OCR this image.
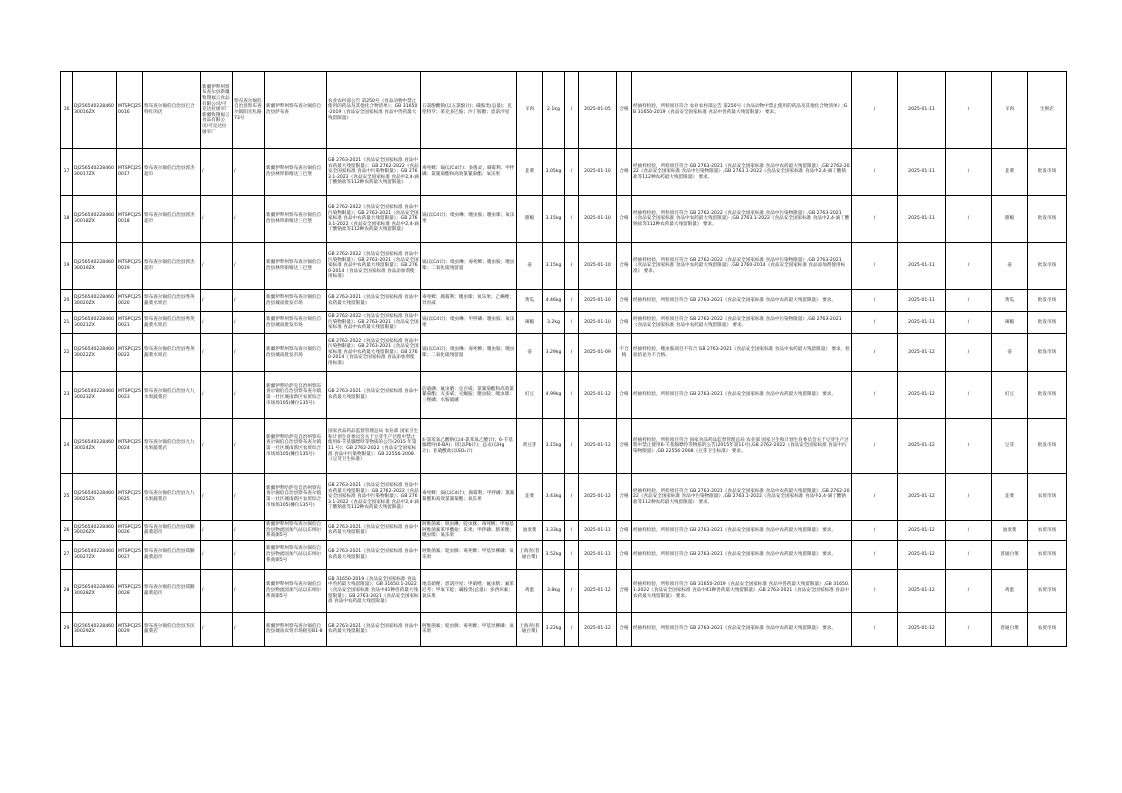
16	DJ25654022846030016ZX	MTSPCJ250016	察布查尔锡伯自治县巴合特红肉店	新疆伊犁州察布查尔县新疆牧翔福云食品有限公司/可克达拉屠宰厂新疆牧翔福云食品有限公司/可克达拉屠宰厂	察布查尔锡伯自治县察布查尔镇阳光札路73号	新疆伊犁州察布查尔锡伯自治县萨布查	农业农村部公告 第250号《食品动物中禁止使用的药品及其他化合物清单》；GB 31650-2019《食品安全国家标准 食品中兽药最大残留限量》	五氯酚酸钠(以五氯酚计)；磺胺类(总量)；克伦特罗；莱克多巴胺；沙丁胺醇；恩诺沙星	羊肉	2.1kg	/	2025-01-05	合格	经抽样检验，所检项目符合 农业农村部公告 第250号《食品动物中禁止使用的药品及其他化合物清单》;GB 31650-2019《食品安全国家标准 食品中兽药最大残留限量》 要求。	/	2025-01-11	/	羊肉	生鲜店
17	DJ25654022846030017ZX	MTSPCJ250017	察布查尔锡伯自治县郭杰超市	/	/	新疆伊犁州察布查尔锡伯自治县林拜街喀达三巴堡	GB 2763-2021《食品安全国家标准 食品中农药最大残留限量》；GB 2762-2022《食品安全国家标准 食品中污染物限量》；GB 2763.1-2022《食品安全国家标准 食品中2,4-滴丁酸钠盐等112种农药最大残留限量》	毒死蜱；镉(以Cd计)；多菌灵；腐霉利；甲拌磷；氯氰菊酯和高效氯氰菊酯；氧乐果	韭菜	3.05kg	/	2025-01-10	合格	经抽样检验，所检项目符合 GB 2763-2021《食品安全国家标准 食品中农药最大残留限量》,GB 2762-2022《食品安全国家标准 食品中污染物限量》,GB 2763.1-2022《食品安全国家标准 食品中2,4-滴丁酸钠盐等112种农药最大残留限量》 要求。	/	2025-01-11	/	韭菜	批发市场
18	DJ25654022846030018ZX	MTSPCJ250018	察布查尔锡伯自治县郭杰超市	/	/	新疆伊犁州察布查尔锡伯自治县林拜街喀达三巴堡	GB 2762-2022《食品安全国家标准 食品中污染物限量》；GB 2763-2021《食品安全国家标准 食品中农药最大残留限量》；GB 2763.1-2022《食品安全国家标准 食品中2,4-滴丁酸钠盐等112种农药最大残留限量》	镉(以Cd计)；吡虫啉；噻虫胺；噻虫嗪；氧乐果	甜椒	3.15kg	/	2025-01-10	合格	经抽样检验，所检项目符合 GB 2762-2022《食品安全国家标准 食品中污染物限量》,GB 2763-2021《食品安全国家标准 食品中农药最大残留限量》,GB 2763.1-2022《食品安全国家标准 食品中2,4-滴丁酸钠盐等112种农药最大残留限量》 要求。	/	2025-01-11	/	甜椒	批发市场
19	DJ25654022846030019ZX	MTSPCJ250019	察布查尔锡伯自治县郭杰超市	/	/	新疆伊犁州察布查尔锡伯自治县林拜街喀达三巴堡	GB 2762-2022《食品安全国家标准 食品中污染物限量》；GB 2763-2021《食品安全国家标准 食品中农药最大残留限量》；GB 2760-2014《食品安全国家标准 食品添加剂使用标准》	镉(以Cd计)；吡虫啉；毒死蜱；噻虫胺；噻虫嗪；二氧化硫残留量	姜	3.15kg	/	2025-01-10	合格	经抽样检验，所检项目符合 GB 2762-2022《食品安全国家标准 食品中污染物限量》,GB 2763-2021《食品安全国家标准 食品中农药最大残留限量》,GB 2760-2014《食品安全国家标准 食品添加剂使用标准》 要求。	/	2025-01-11	/	姜	批发市场
20	DJ25654022846030020ZX	MTSPCJ250020	察布查尔锡伯自治县秀英蔬菜水果店	/	/	新疆伊犁州察布查尔锡伯自治县城南批发市场	GB 2763-2021《食品安全国家标准 食品中农药最大残留限量》	毒死蜱；腐霉利；噻虫嗪；氧乐果；乙螨唑；异丙威	黄瓜	4.46kg	/	2025-01-10	合格	经抽样检验，所检项目符合 GB 2763-2021《食品安全国家标准 食品中农药最大残留限量》 要求。	/	2025-01-11	/	黄瓜	批发市场
21	DJ25654022846030021ZX	MTSPCJ250021	察布查尔锡伯自治县秀英蔬菜水果店	/	/	新疆伊犁州察布查尔锡伯自治县城南批发市场	GB 2762-2022《食品安全国家标准 食品中污染物限量》；GB 2763-2021《食品安全国家标准 食品中农药最大残留限量》	镉(以Cd计)；吡虫啉；甲拌磷；噻虫胺；氧乐果	辣椒	3.2kg	/	2025-01-10	合格	经抽样检验，所检项目符合 GB 2762-2022《食品安全国家标准 食品中污染物限量》,GB 2763-2021《食品安全国家标准 食品中农药最大残留限量》 要求。	/	2025-01-11	/	辣椒	批发市场
22	DJ25654022846030022ZX	MTSPCJ250022	察布查尔锡伯自治县秀英蔬菜水果店	/	/	新疆伊犁州察布查尔锡伯自治县城南批发市场	GB 2762-2022《食品安全国家标准 食品中污染物限量》；GB 2763-2021《食品安全国家标准 食品中农药最大残留限量》；GB 2760-2014《食品安全国家标准 食品添加剂使用标准》	镉(以Cd计)；吡虫啉；毒死蜱；噻虫胺；噻虫嗪；二氧化硫残留量	姜	3.29kg	/	2025-01-09	不合格	经抽样检验，噻虫胺项目不符合 GB 2763-2021《食品安全国家标准 食品中农药最大残留限量》 要求，检验结论为不合格。	/	2025-01-12	/	姜	批发市场
23	DJ25654022846030023ZX	MTSPCJ250023	察布查尔锡伯自治县九九水果蔬菜店	/	/	新疆伊犁哈萨克自治州察布查尔锡伯自治县察布查尔镇第一社区城南新区农贸综合市场场105(摊位135号)	GB 2763-2021《食品安全国家标准 食品中农药最大残留限量》	倍硫磷；氟虫腈；克百威；氯氰菊酯和高效氯氰菊酯；灭多威；灭蝇胺；噻虫胺；噻虫嗪；三唑磷；水胺硫磷	豇豆	4.99kg	/	2025-01-12	合格	经抽样检验，所检项目符合 GB 2763-2021《食品安全国家标准 食品中农药最大残留限量》 要求。	/	2025-01-12	/	豇豆	批发市场
24	DJ25654022846030024ZX	MTSPCJ250024	察布查尔锡伯自治县九九水果蔬菜店	/	/	新疆伊犁哈萨克自治州察布查尔锡伯自治县察布查尔镇第一社区城南新区农贸综合市场场105(摊位135号)	国家食品药品监督管理总局 农业部 国家卫生和计划生育委员会关于豆芽生产过程中禁止使用6-苄基腺嘌呤等物质的公告(2015 年第 11 号)；GB 2762-2022《食品安全国家标准 食品中污染物限量》；GB 22556-2008《豆芽卫生标准》	4-氯苯氧乙酸钠(以4-氯苯氧乙酸计)；6-苄基腺嘌呤(6-BA)；铅(以Pb计)；总汞(以Hg计)；亚硫酸盐(以SO₂计)	黄豆芽	3.15kg	/	2025-01-12	合格	经抽样检验，所检项目符合 国家食品药品监督管理总局 农业部 国家卫生和计划生育委员会关于豆芽生产过程中禁止使用6-苄基腺嘌呤等物质的公告(2015年第11号),GB 2762-2022《食品安全国家标准 食品中污染物限量》,GB 22556-2008《豆芽卫生标准》 要求。	/	2025-01-12	/	豆芽	批发市场
25	DJ25654022846030025ZX	MTSPCJ250025	察布查尔锡伯自治县九九水果蔬菜店	/	/	新疆伊犁哈萨克自治州察布查尔锡伯自治县察布查尔镇第一社区城南新区农贸综合市场场105(摊位135号)	GB 2763-2021《食品安全国家标准 食品中农药最大残留限量》；GB 2762-2022《食品安全国家标准 食品中污染物限量》；GB 2763.1-2022《食品安全国家标准 食品中2,4-滴丁酸钠盐等112种农药最大残留限量》	毒死蜱；镉(以Cd计)；腐霉利；甲拌磷；氯氰菊酯和高效氯氰菊酯；氧乐果	韭菜	3.43kg	/	2025-01-12	合格	经抽样检验，所检项目符合 GB 2763-2021《食品安全国家标准 食品中农药最大残留限量》,GB 2762-2022《食品安全国家标准 食品中污染物限量》,GB 2763.1-2022《食品安全国家标准 食品中2,4-滴丁酸钠盐等112种农药最大残留限量》 要求。	/	2025-01-12	/	韭菜	农贸市场
26	DJ25654022846030026ZX	MTSPCJ250026	察布查尔锡伯自治县郑勤蔬菜超市	/	/	新疆伊犁州察布查尔锡伯自治县物流园加气站以东纳尔系商街5号	GB 2763-2021《食品安全国家标准 食品中农药最大残留限量》	阿维菌素；吡虫啉；啶虫脒；毒死蜱；甲氨基阿维菌素苯甲酸盐；乐果；甲拌磷；腈苯唑；噻虫嗪；氧乐果	油麦菜	3.33kg	/	2025-01-11	合格	经抽样检验，所检项目符合 GB 2763-2021《食品安全国家标准 食品中农药最大残留限量》 要求。	/	2025-01-12	/	油麦菜	农贸市场
27	DJ25654022846030027ZX	MTSPCJ250027	察布查尔锡伯自治县郑勤蔬菜超市	/	/	新疆伊犁州察布查尔锡伯自治县物流园加气站以东纳尔系商街5号	GB 2763-2021《食品安全国家标准 食品中农药最大残留限量》	阿维菌素；啶虫脒；毒死蜱；甲基异柳磷；氧乐果	上海青(普通白菜)	3.52kg	/	2025-01-11	合格	经抽样检验，所检项目符合 GB 2763-2021《食品安全国家标准 食品中农药最大残留限量》 要求。	/	2025-01-12	/	普通白菜	农贸市场
28	DJ25654022846030028ZX	MTSPCJ250028	察布查尔锡伯自治县郑勤蔬菜超市	/	/	新疆伊犁州察布查尔锡伯自治县物流园加气站以东纳尔系商街5号	GB 31650-2019《食品安全国家标准 食品中兽药最大残留限量》；GB 31650.1-2022《食品安全国家标准 食品中41种兽药最大残留限量》；GB 2763-2021《食品安全国家标准 食品中农药最大残留限量》	地美硝唑；恩诺沙星；甲硝唑；氟虫腈；氟苯尼考；甲氧苄啶；磺胺类(总量)；多西环素；氧乐果	鸡蛋	3.8kg	/	2025-01-12	合格	经抽样检验，所检项目符合 GB 31650-2019《食品安全国家标准 食品中兽药最大残留限量》,GB 31650.1-2022《食品安全国家标准 食品中41种兽药最大残留限量》,GB 2763-2021《食品安全国家标准 食品中农药最大残留限量》 要求。	/	2025-01-12	/	鸡蛋	农贸市场
29	DJ25654022846030029ZX	MTSPCJ250029	察布查尔锡伯自治县杰民蔬菜店	/	/	新疆伊犁州察布查尔锡伯自治县城南农贸市场板房B1-8	GB 2763-2021《食品安全国家标准 食品中农药最大残留限量》	阿维菌素；啶虫脒；毒死蜱；甲基异柳磷；氧乐果	上海青(普通白菜)	3.22kg	/	2025-01-12	合格	经抽样检验，所检项目符合 GB 2763-2021《食品安全国家标准 食品中农药最大残留限量》 要求。	/	2025-01-12	/	普通白菜	农贸市场
